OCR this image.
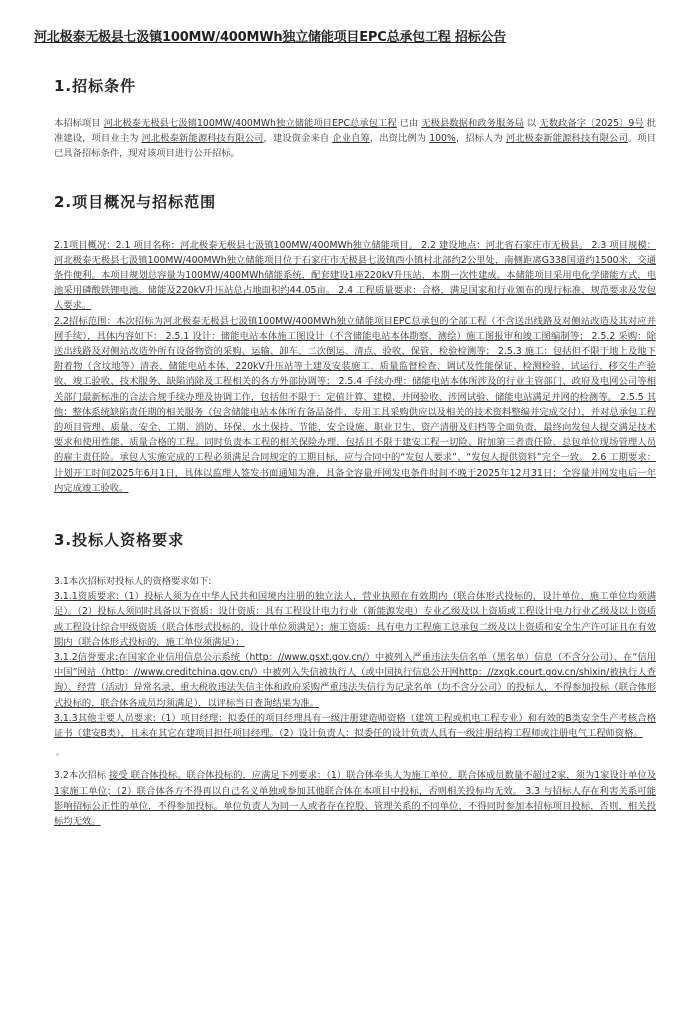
河北极泰无极县七汲镇100MW/400MWh独立储能项目EPC总承包工程 招标公告
1.招标条件

本招标项目 河北极泰无极县七汲镇100MW/400MWh独立储能项目EPC总承包工程 已由 无极县数据和政务服务局 以 无数政备字〔2025〕9号 批准建设，项目业主为 河北极泰新能源科技有限公司，建设资金来自 企业自筹，出资比例为 100%，招标人为 河北极泰新能源科技有限公司。项目已具备招标条件，现对该项目进行公开招标。

2.项目概况与招标范围

2.1项目概况：2.1 项目名称：河北极泰无极县七汲镇100MW/400MWh独立储能项目。 2.2 建设地点：河北省石家庄市无极县。 2.3 项目规模：河北极泰无极县七汲镇100MW/400MWh独立储能项目位于石家庄市无极县七汲镇西小镇村北部约2公里处，南侧距离G338国道约1500米，交通条件便利。本项目规划总容量为100MW/400MWh储能系统，配套建设1座220kV升压站，本期一次性建成。本储能项目采用电化学储能方式，电池采用磷酸铁锂电池。储能及220kV升压站总占地面积约44.05亩。 2.4 工程质量要求：合格，满足国家和行业颁布的现行标准、规范要求及发包人要求。

2.2招标范围：本次招标为河北极泰无极县七汲镇100MW/400MWh独立储能项目EPC总承包的全部工程（不含送出线路及对侧站改造及其对应并网手续），具体内容如下： 2.5.1 设计：储能电站本体施工图设计（不含储能电站本体勘察、测绘）施工图报审和竣工图编制等； 2.5.2 采购：除送出线路及对侧站改造外所有设备物资的采购、运输、卸车、二次倒运、清点、验收、保管、检验检测等； 2.5.3 施工：包括但不限于地上及地下附着物（含坟地等）清表、储能电站本体、220kV升压站等土建及安装施工、质量监督检查、调试及性能保证、检测检验、试运行、移交生产验收、竣工验收、技术服务、缺陷消除及工程相关的各方外部协调等； 2.5.4 手续办理：储能电站本体所涉及的行业主管部门、政府及电网公司等相关部门最新标准的合法合规手续办理及协调工作，包括但不限于：定值计算、建模、并网验收、涉网试验、储能电站满足并网的检测等。 2.5.5 其他：整体系统缺陷责任期的相关服务（包含储能电站本体所有备品备件、专用工具采购供应以及相关的技术资料整编并完成交付），并对总承包工程的项目管理、质量、安全、工期、消防、环保、水土保持、节能、安全设施、职业卫生、资产清册及归档等全面负责，最终向发包人提交满足技术要求和使用性能、质量合格的工程。同时负责本工程的相关保险办理，包括且不限于建安工程一切险、附加第三者责任险、总包单位现场管理人员的雇主责任险。承包人实施完成的工程必须满足合同规定的工期目标，应与合同中的“发包人要求”、“发包人提供资料”完全一致。 2.6 工期要求：计划开工时间2025年6月1日，具体以监理人签发书面通知为准，具备全容量并网发电条件时间不晚于2025年12月31日；全容量并网发电后一年内完成竣工验收。

3.投标人资格要求

3.1本次招标对投标人的资格要求如下:

3.1.1资质要求:（1）投标人须为在中华人民共和国境内注册的独立法人，营业执照在有效期内（联合体形式投标的，设计单位、施工单位均须满足）。（2）投标人须同时具备以下资质：设计资质：具有工程设计电力行业（新能源发电）专业乙级及以上资质或工程设计电力行业乙级及以上资质或工程设计综合甲级资质（联合体形式投标的，设计单位须满足）；施工资质：具有电力工程施工总承包二级及以上资质和安全生产许可证且在有效期内（联合体形式投标的，施工单位须满足）；

3.1.2信誉要求:在国家企业信用信息公示系统（http：//www.gsxt.gov.cn/）中被列入严重违法失信名单（黑名单）信息（不含分公司）、在“信用中国”网站（http：//www.creditchina.gov.cn/）中被列入失信被执行人（或中国执行信息公开网http：//zxgk.court.gov.cn/shixin/被执行人查询）、经营（活动）异常名录、重大税收违法失信主体和政府采购严重违法失信行为记录名单（均不含分公司）的投标人，不得参加投标（联合体形式投标的，联合体各成员均须满足），以评标当日查询结果为准。

3.1.3其他主要人员要求:（1）项目经理：拟委任的项目经理具有一级注册建造师资格（建筑工程或机电工程专业）和有效的B类安全生产考核合格证书（建安B类），且未在其它在建项目担任项目经理。（2）设计负责人：拟委任的设计负责人具有一级注册结构工程师或注册电气工程师资格。

。

3.2本次招标 接受 联合体投标。联合体投标的，应满足下列要求：（1）联合体牵头人为施工单位，联合体成员数量不超过2家，须为1家设计单位及1家施工单位；（2）联合体各方不得再以自己名义单独或参加其他联合体在本项目中投标，否则相关投标均无效。 3.3 与招标人存在利害关系可能影响招标公正性的单位，不得参加投标。单位负责人为同一人或者存在控股、管理关系的不同单位，不得同时参加本招标项目投标，否则，相关投标均无效。
